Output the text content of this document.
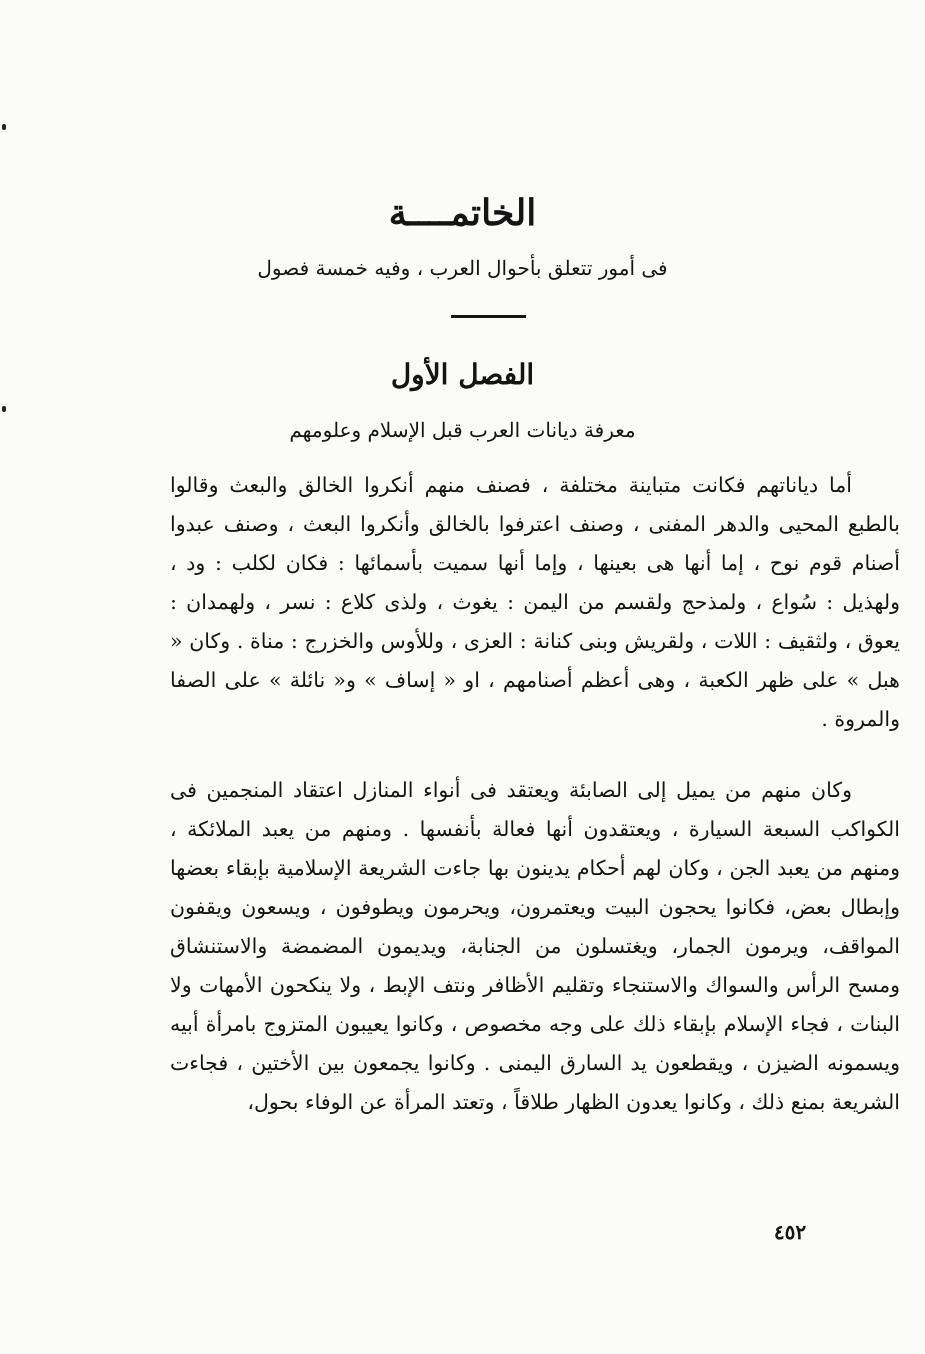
الخاتمــــة

فى أمور تتعلق بأحوال العرب ، وفيه خمسة فصول

الفصل الأول

معرفة ديانات العرب قبل الإسلام وعلومهم

أما دياناتهم فكانت متباينة مختلفة ، فصنف منهم أنكروا الخالق والبعث وقالوا بالطبع المحيى والدهر المفنى ، وصنف اعترفوا بالخالق وأنكروا البعث ، وصنف عبدوا أصنام قوم نوح ، إما أنها هى بعينها ، وإما أنها سميت بأسمائها : فكان لكلب : ود ، ولهذيل : سُواع ، ولمذحج ولقسم من اليمن : يغوث ، ولذى كلاع : نسر ، ولهمدان : يعوق ، ولثقيف : اللات ، ولقريش وبنى كنانة : العزى ، وللأوس والخزرج : مناة . وكان « هبل » على ظهر الكعبة ، وهى أعظم أصنامهم ، او « إساف » و« نائلة » على الصفا والمروة .

وكان منهم من يميل إلى الصابئة ويعتقد فى أنواء المنازل اعتقاد المنجمين فى الكواكب السبعة السيارة ، ويعتقدون أنها فعالة بأنفسها . ومنهم من يعبد الملائكة ، ومنهم من يعبد الجن ، وكان لهم أحكام يدينون بها جاءت الشريعة الإسلامية بإبقاء بعضها وإبطال بعض، فكانوا يحجون البيت ويعتمرون، ويحرمون ويطوفون ، ويسعون ويقفون المواقف، ويرمون الجمار، ويغتسلون من الجنابة، ويديمون المضمضة والاستنشاق ومسح الرأس والسواك والاستنجاء وتقليم الأظافر ونتف الإبط ، ولا ينكحون الأمهات ولا البنات ، فجاء الإسلام بإبقاء ذلك على وجه مخصوص ، وكانوا يعيبون المتزوج بامرأة أبيه ويسمونه الضيزن ، ويقطعون يد السارق اليمنى . وكانوا يجمعون بين الأختين ، فجاءت الشريعة بمنع ذلك ، وكانوا يعدون الظهار طلاقاً ، وتعتد المرأة عن الوفاء بحول،

٤٥٢
